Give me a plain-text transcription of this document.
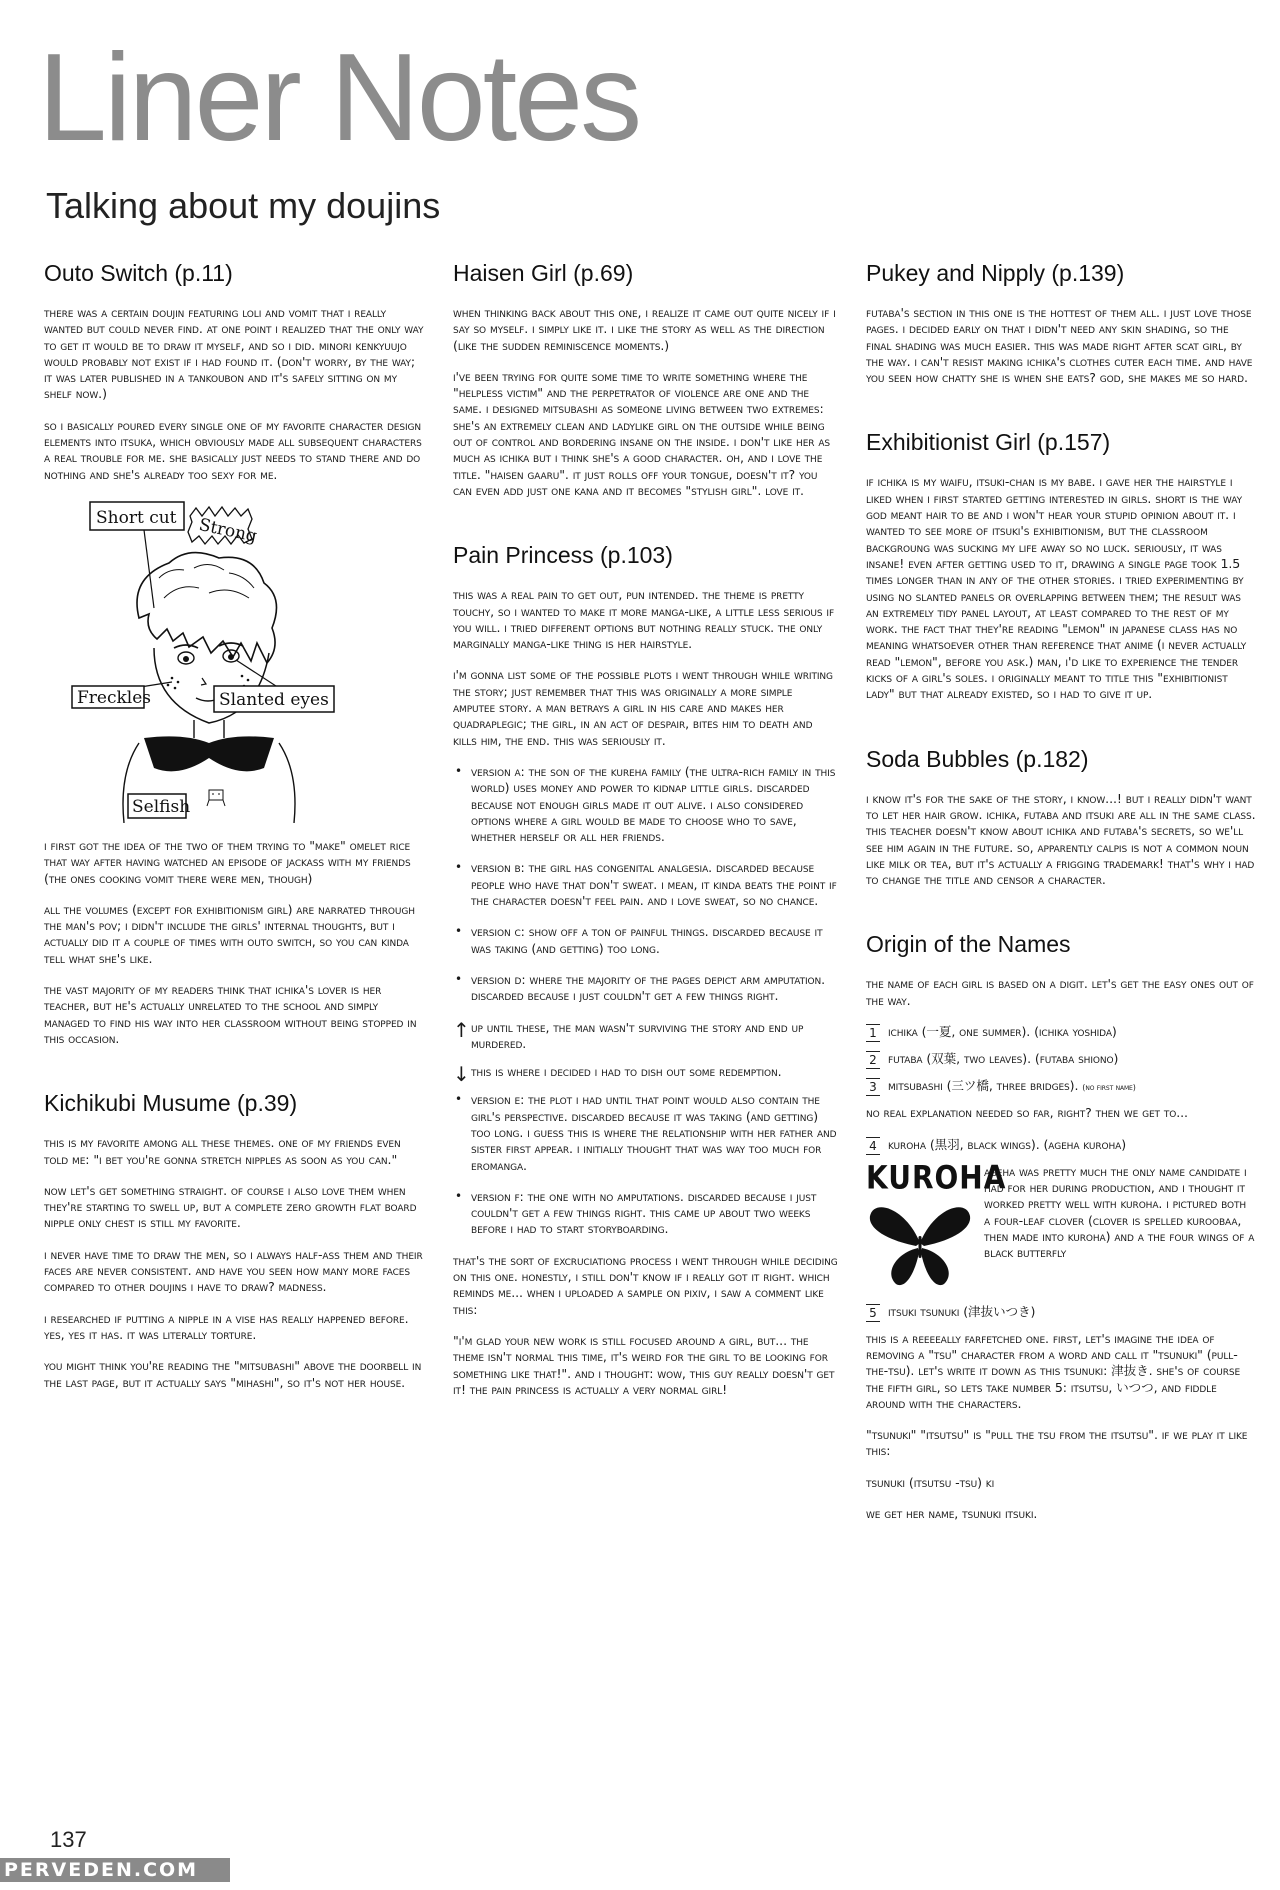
Liner Notes
Talking about my doujins
Outo Switch (p.11)

there was a certain doujin featuring loli and vomit that i really wanted but could never find. at one point i realized that the only way to get it would be to draw it myself, and so i did. minori kenkyuujo would probably not exist if i had found it. (don't worry, by the way; it was later published in a tankoubon and it's safely sitting on my shelf now.)

so i basically poured every single one of my favorite character design elements into itsuka, which obviously made all subsequent characters a real trouble for me. she basically just needs to stand there and do nothing and she's already too sexy for me.

Short cut Strong
Freckles	Slanted eyes
Selfish

i first got the idea of the two of them trying to "make" omelet rice that way after having watched an episode of jackass with my friends (the ones cooking vomit there were men, though)

all the volumes (except for exhibitionism girl) are narrated through the man's pov; i didn't include the girls' internal thoughts, but i actually did it a couple of times with outo switch, so you can kinda tell what she's like.

the vast majority of my readers think that ichika's lover is her teacher, but he's actually unrelated to the school and simply managed to find his way into her classroom without being stopped in this occasion.

Kichikubi Musume (p.39)

this is my favorite among all these themes. one of my friends even told me: "i bet you're gonna stretch nipples as soon as you can."

now let's get something straight. of course i also love them when they're starting to swell up, but a complete zero growth flat board nipple only chest is still my favorite.

i never have time to draw the men, so i always half-ass them and their faces are never consistent. and have you seen how many more faces compared to other doujins i have to draw? madness.

i researched if putting a nipple in a vise has really happened before. yes, yes it has. it was literally torture.

you might think you're reading the "mitsubashi" above the doorbell in the last page, but it actually says "mihashi", so it's not her house.

Haisen Girl (p.69)

when thinking back about this one, i realize it came out quite nicely if i say so myself. i simply like it. i like the story as well as the direction (like the sudden reminiscence moments.)

i've been trying for quite some time to write something where the "helpless victim" and the perpetrator of violence are one and the same. i designed mitsubashi as someone living between two extremes: she's an extremely clean and ladylike girl on the outside while being out of control and bordering insane on the inside. i don't like her as much as ichika but i think she's a good character. oh, and i love the title. "haisen gaaru". it just rolls off your tongue, doesn't it? you can even add just one kana and it becomes "stylish girl". love it.

Pain Princess (p.103)

this was a real pain to get out, pun intended. the theme is pretty touchy, so i wanted to make it more manga-like, a little less serious if you will. i tried different options but nothing really stuck. the only marginally manga-like thing is her hairstyle.

i'm gonna list some of the possible plots i went through while writing the story; just remember that this was originally a more simple amputee story. a man betrays a girl in his care and makes her quadraplegic; the girl, in an act of despair, bites him to death and kills him, the end. this was seriously it.

• version a: the son of the kureha family (the ultra-rich family in this world) uses money and power to kidnap little girls. discarded because not enough girls made it out alive. i also considered options where a girl would be made to choose who to save, whether herself or all her friends.

• version b: the girl has congenital analgesia. discarded because people who have that don't sweat. i mean, it kinda beats the point if the character doesn't feel pain. and i love sweat, so no chance.

• version c: show off a ton of painful things. discarded because it was taking (and getting) too long.

• version d: where the majority of the pages depict arm amputation. discarded because i just couldn't get a few things right.

↑ up until these, the man wasn't surviving the story and end up murdered.

↓ this is where i decided i had to dish out some redemption.

• version e: the plot i had until that point would also contain the girl's perspective. discarded because it was taking (and getting) too long. i guess this is where the relationship with her father and sister first appear. i initially thought that was way too much for eromanga.

• version f: the one with no amputations. discarded because i just couldn't get a few things right. this came up about two weeks before i had to start storyboarding.

that's the sort of excruciationg process i went through while deciding on this one. honestly, i still don't know if i really got it right. which reminds me... when i uploaded a sample on pixiv, i saw a comment like this:

"i'm glad your new work is still focused around a girl, but... the theme isn't normal this time, it's weird for the girl to be looking for something like that!". and i thought: wow, this guy really doesn't get it! the pain princess is actually a very normal girl!

Pukey and Nipply (p.139)

futaba's section in this one is the hottest of them all. i just love those pages. i decided early on that i didn't need any skin shading, so the final shading was much easier. this was made right after scat girl, by the way. i can't resist making ichika's clothes cuter each time. and have you seen how chatty she is when she eats? god, she makes me so hard.

Exhibitionist Girl (p.157)

if ichika is my waifu, itsuki-chan is my babe. i gave her the hairstyle i liked when i first started getting interested in girls. short is the way god meant hair to be and i won't hear your stupid opinion about it. i wanted to see more of itsuki's exhibitionism, but the classroom backgroung was sucking my life away so no luck. seriously, it was insane! even after getting used to it, drawing a single page took 1.5 times longer than in any of the other stories. i tried experimenting by using no slanted panels or overlapping between them; the result was an extremely tidy panel layout, at least compared to the rest of my work. the fact that they're reading "lemon" in japanese class has no meaning whatsoever other than reference that anime (i never actually read "lemon", before you ask.) man, i'd like to experience the tender kicks of a girl's soles. i originally meant to title this "exhibitionist lady" but that already existed, so i had to give it up.

Soda Bubbles (p.182)

i know it's for the sake of the story, i know...! but i really didn't want to let her hair grow. ichika, futaba and itsuki are all in the same class. this teacher doesn't know about ichika and futaba's secrets, so we'll see him again in the future. so, apparently calpis is not a common noun like milk or tea, but it's actually a frigging trademark! that's why i had to change the title and censor a character.

Origin of the Names

the name of each girl is based on a digit. let's get the easy ones out of the way.

1 ichika (一夏, one summer). (ichika yoshida)

2 futaba (双葉, two leaves). (futaba shiono)

3 mitsubashi (三ツ橋, three bridges). (no first name)

no real explanation needed so far, right? then we get to...

4 kuroha (黒羽, black wings). (ageha kuroha)

KUROHA

ageha was pretty much the only name candidate i had for her during production, and i thought it worked pretty well with kuroha. i pictured both a four-leaf clover (clover is spelled kuroobaa, then made into kuroha) and a the four wings of a black butterfly

5 itsuki tsunuki (津抜いつき)

this is a reeeeally farfetched one. first, let's imagine the idea of removing a "tsu" character from a word and call it "tsunuki" (pull-the-tsu). let's write it down as this tsunuki: 津抜き. she's of course the fifth girl, so lets take number 5: itsutsu, いつつ, and fiddle around with the characters.

"tsunuki" "itsutsu" is "pull the tsu from the itsutsu". if we play it like this:

tsunuki (itsutsu -tsu) ki

we get her name, tsunuki itsuki.

137
PERVEDEN.COM
